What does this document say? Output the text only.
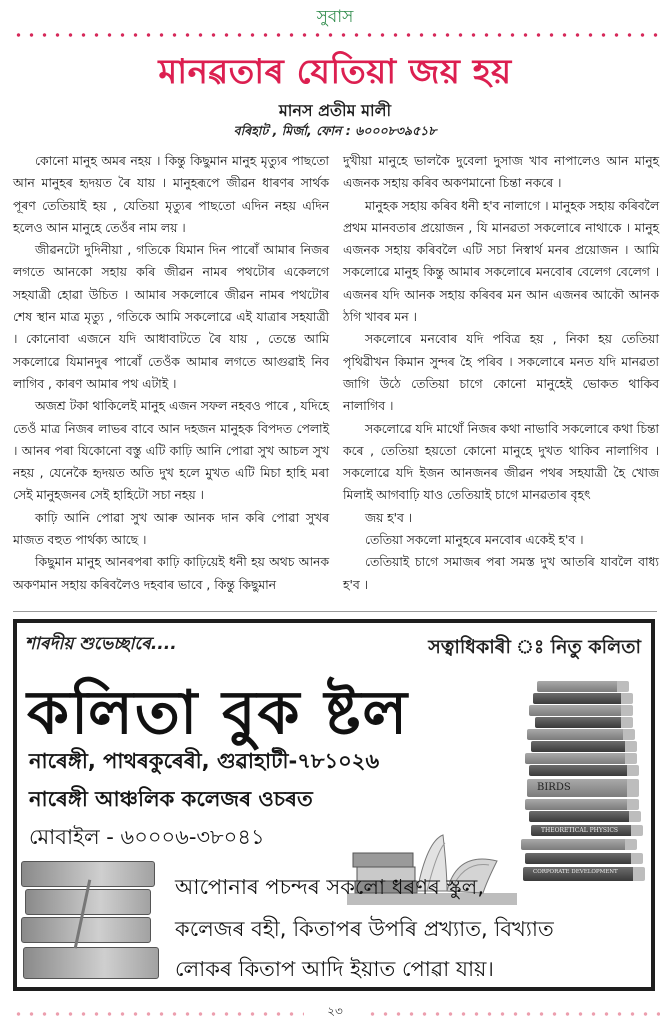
সুবাস
মানৱতাৰ যেতিয়া জয় হয়
মানস প্ৰতীম মালী
বৰিহাট , মিৰ্জা, ফোন : ৬০০০৮৩৯৫১৮

কোনো মানুহ অমৰ নহয় । কিন্তু কিছুমান মানুহ মৃত্যুৰ পাছতো আন মানুহৰ হৃদয়ত ৰৈ যায় । মানুহৰূপে জীৱন ধাৰণৰ সাৰ্থক পূৰণ তেতিয়াই হয় , যেতিয়া মৃত্যুৰ পাছতো এদিন নহয় এদিন হলেও আন মানুহে তেওঁৰ নাম লয় ।

জীৱনটো দুদিনীয়া , গতিকে যিমান দিন পাৰোঁ আমাৰ নিজৰ লগতে আনকো সহায় কৰি জীৱন নামৰ পথটোৰ একেলগে সহযাত্ৰী হোৱা উচিত । আমাৰ সকলোৰে জীৱন নামৰ পথটোৰ শেষ স্থান মাত্ৰ মৃত্যু , গতিকে আমি সকলোৱে এই যাত্ৰাৰ সহযাত্ৰী । কোনোবা এজনে যদি আধাবাটতে ৰৈ যায় , তেন্তে আমি সকলোৱে যিমানদুৰ পাৰোঁ তেওঁক আমাৰ লগতে আগুৱাই নিব লাগিব , কাৰণ আমাৰ পথ এটাই ।

অজশ্ৰ টকা থাকিলেই মানুহ এজন সফল নহবও পাৰে , যদিহে তেওঁ মাত্ৰ নিজৰ লাভৰ বাবে আন দহজন মানুহক বিপদত পেলাই । আনৰ পৰা যিকোনো বস্তু এটি কাঢ়ি আনি পোৱা সুখ আচল সুখ নহয় , যেনেকৈ হৃদয়ত অতি দুখ হলে মুখত এটি মিচা হাহি মৰা সেই মানুহজনৰ সেই হাহিটো সচা নহয় ।

কাঢ়ি আনি পোৱা সুখ আৰু আনক দান কৰি পোৱা সুখৰ মাজত বহুত পাৰ্থক্য আছে ।

কিছুমান মানুহ আনৰপৰা কাঢ়ি কাঢ়িয়েই ধনী হয় অথচ আনক অকণমান সহায় কৰিবলৈও দহবাৰ ভাবে , কিন্তু কিছুমান

দুখীয়া মানুহে ভালকৈ দুবেলা দুসাজ খাব নাপালেও আন মানুহ এজনক সহায় কৰিব অকণমানো চিন্তা নকৰে ।

মানুহক সহায় কৰিব ধনী হ'ব নালাগে । মানুহক সহায় কৰিবলৈ প্ৰথম মানবতাৰ প্ৰয়োজন , যি মানৱতা সকলোৰে নাথাকে । মানুহ এজনক সহায় কৰিবলৈ এটি সচা নিস্বাৰ্থ মনৰ প্ৰয়োজন । আমি সকলোৱে মানুহ কিন্তু আমাৰ সকলোৰে মনবোৰ বেলেগ বেলেগ । এজনৰ যদি আনক সহায় কৰিবৰ মন আন এজনৰ আকৌ আনক ঠগি খাবৰ মন ।

সকলোৰে মনবোৰ যদি পবিত্ৰ হয় , নিকা হয় তেতিয়া পৃথিৱীখন কিমান সুন্দৰ হৈ পৰিব । সকলোৰে মনত যদি মানৱতা জাগি উঠে তেতিয়া চাগে কোনো মানুহেই ভোকত থাকিব নালাগিব ।

সকলোৱে যদি মাথোঁ নিজৰ কথা নাভাবি সকলোৰে কথা চিন্তা কৰে , তেতিয়া হয়তো কোনো মানুহে দুখত থাকিব নালাগিব । সকলোৱে যদি ইজন আনজনৰ জীৱন পথৰ সহযাত্ৰী হৈ খোজ মিলাই আগবাঢ়ি যাও তেতিয়াই চাগে মানৱতাৰ বৃহৎ

জয় হ'ব ।

তেতিয়া সকলো মানুহৰে মনবোৰ একেই হ'ব ।

তেতিয়াই চাগে সমাজৰ পৰা সমস্ত দুখ আতৰি যাবলৈ বাধ্য হ'ব ।

শাৰদীয় শুভেচ্ছাৰে....	সত্বাধিকাৰী ঃ নিতু কলিতা
কলিতা বুক ষ্টল
নাৰেঙ্গী, পাথৰকুৰেৰী, গুৱাহাটী-৭৮১০২৬
নাৰেঙ্গী আঞ্চলিক কলেজৰ ওচৰত
মোবাইল - ৬০০০৬-৩৮০৪১
BIRDS
THEORETICAL PHYSICS
CORPORATE DEVELOPMENT
আপোনাৰ পচন্দৰ সকলো ধৰণৰ স্কুল,
কলেজৰ বহী, কিতাপৰ উপৰি প্ৰখ্যাত, বিখ্যাত
লোকৰ কিতাপ আদি ইয়াত পোৱা যায়।
২৩
